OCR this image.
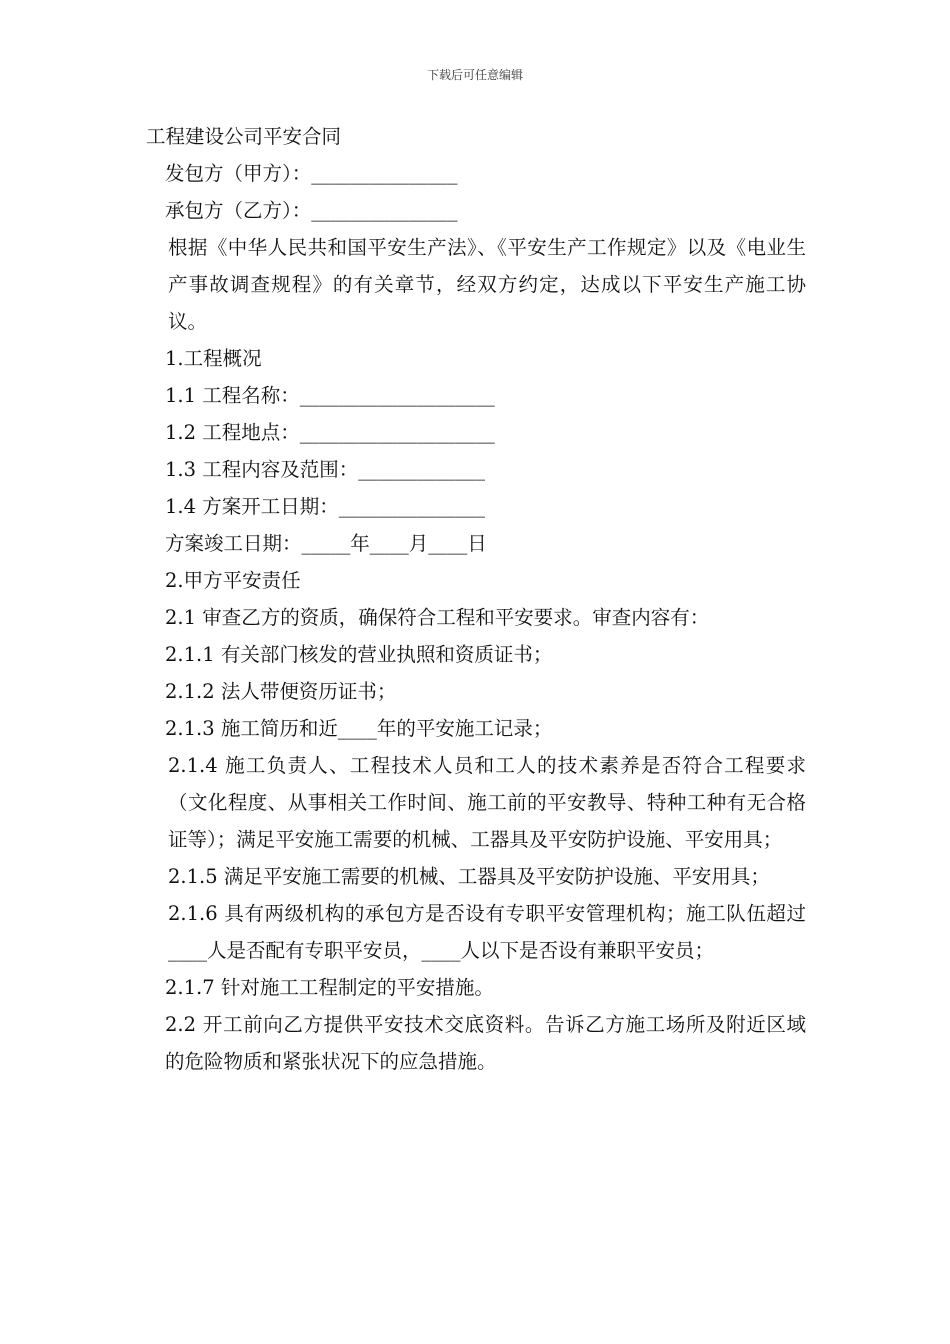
下载后可任意编辑

工程建设公司平安合同

发包方（甲方）：_______________

承包方（乙方）：_______________

根据《中华人民共和国平安生产法》、《平安生产工作规定》以及《电业生产事故调查规程》的有关章节，经双方约定，达成以下平安生产施工协议。

1.工程概况

1.1 工程名称：____________________

1.2 工程地点：____________________

1.3 工程内容及范围：_____________

1.4 方案开工日期：_______________

方案竣工日期：_____年____月____日

2.甲方平安责任

2.1 审查乙方的资质，确保符合工程和平安要求。审查内容有：

2.1.1 有关部门核发的营业执照和资质证书；

2.1.2 法人带便资历证书；

2.1.3 施工简历和近____年的平安施工记录；

2.1.4 施工负责人、工程技术人员和工人的技术素养是否符合工程要求（文化程度、从事相关工作时间、施工前的平安教导、特种工种有无合格证等）；满足平安施工需要的机械、工器具及平安防护设施、平安用具；

2.1.5 满足平安施工需要的机械、工器具及平安防护设施、平安用具；

2.1.6 具有两级机构的承包方是否设有专职平安管理机构；施工队伍超过____人是否配有专职平安员，____人以下是否设有兼职平安员；

2.1.7 针对施工工程制定的平安措施。

2.2 开工前向乙方提供平安技术交底资料。告诉乙方施工场所及附近区域的危险物质和紧张状况下的应急措施。
